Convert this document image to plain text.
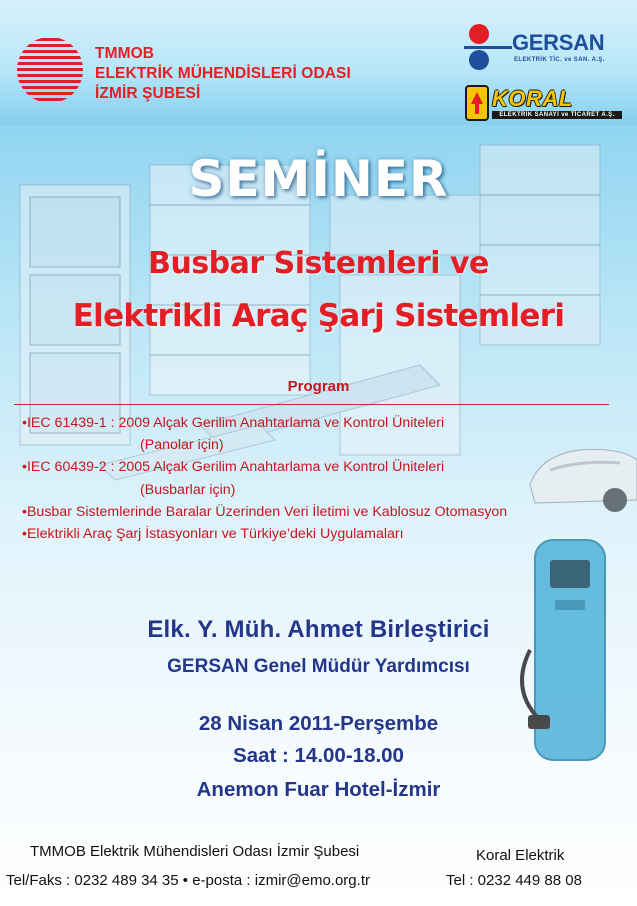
TMMOB
ELEKTRİK MÜHENDİSLERİ ODASI
İZMİR ŞUBESİ
GERSAN
ELEKTRİK TİC. ve SAN. A.Ş.
KORAL
ELEKTRİK SANAYİ ve TİCARET A.Ş.
SEMİNER
Busbar Sistemleri ve
Elektrikli Araç Şarj Sistemleri
Program
•IEC 61439-1 : 2009 Alçak Gerilim Anahtarlama ve Kontrol Üniteleri
(Panolar için)
•IEC 60439-2 : 2005 Alçak Gerilim Anahtarlama ve Kontrol Üniteleri
(Busbarlar için)
•Busbar Sistemlerinde Baralar Üzerinden Veri İletimi ve Kablosuz Otomasyon
•Elektrikli Araç Şarj İstasyonları ve Türkiye’deki Uygulamaları
Elk. Y. Müh. Ahmet Birleştirici
GERSAN Genel Müdür Yardımcısı
28 Nisan 2011-Perşembe
Saat : 14.00-18.00
Anemon Fuar Hotel-İzmir
TMMOB Elektrik Mühendisleri Odası İzmir Şubesi
Tel/Faks : 0232 489 34 35 • e-posta : izmir@emo.org.tr
Koral Elektrik
Tel : 0232 449 88 08
